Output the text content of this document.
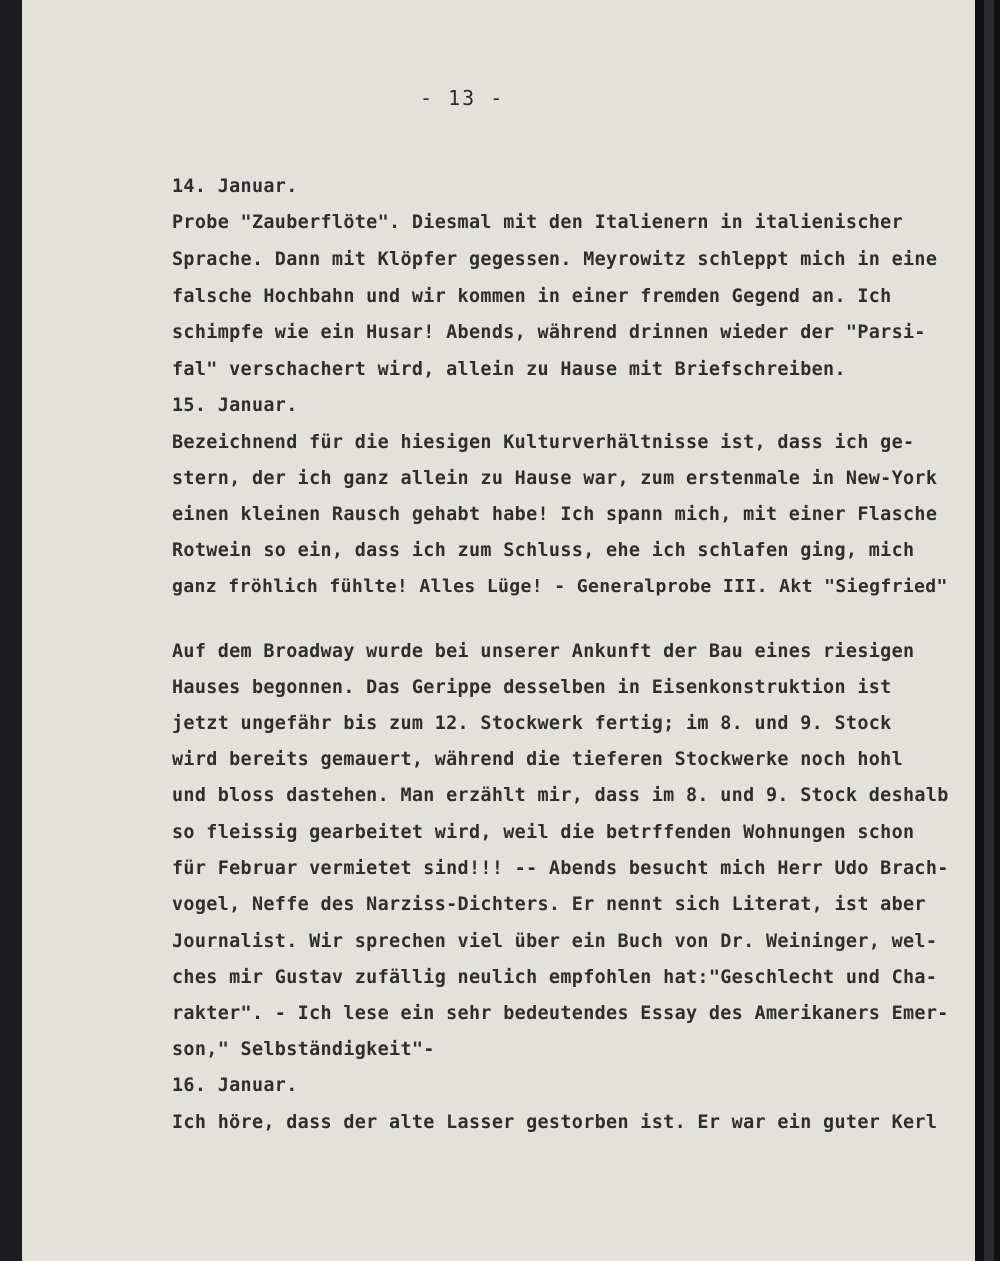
- 13 -
14. Januar.
Probe "Zauberflöte". Diesmal mit den Italienern in italienischer
Sprache. Dann mit Klöpfer gegessen. Meyrowitz schleppt mich in eine
falsche Hochbahn und wir kommen in einer fremden Gegend an. Ich
schimpfe wie ein Husar! Abends, während drinnen wieder der "Parsi-
fal" verschachert wird, allein zu Hause mit Briefschreiben.
15. Januar.
Bezeichnend für die hiesigen Kulturverhältnisse ist, dass ich ge-
stern, der ich ganz allein zu Hause war, zum erstenmale in New-York
einen kleinen Rausch gehabt habe! Ich spann mich, mit einer Flasche
Rotwein so ein, dass ich zum Schluss, ehe ich schlafen ging, mich
ganz fröhlich fühlte! Alles Lüge! - Generalprobe III. Akt "Siegfried"
Auf dem Broadway wurde bei unserer Ankunft der Bau eines riesigen
Hauses begonnen. Das Gerippe desselben in Eisenkonstruktion ist
jetzt ungefähr bis zum 12. Stockwerk fertig; im 8. und 9. Stock
wird bereits gemauert, während die tieferen Stockwerke noch hohl
und bloss dastehen. Man erzählt mir, dass im 8. und 9. Stock deshalb
so fleissig gearbeitet wird, weil die betrffenden Wohnungen schon
für Februar vermietet sind!!! -- Abends besucht mich Herr Udo Brach-
vogel, Neffe des Narziss-Dichters. Er nennt sich Literat, ist aber
Journalist. Wir sprechen viel über ein Buch von Dr. Weininger, wel-
ches mir Gustav zufällig neulich empfohlen hat:"Geschlecht und Cha-
rakter". - Ich lese ein sehr bedeutendes Essay des Amerikaners Emer-
son," Selbständigkeit"-
16. Januar.
Ich höre, dass der alte Lasser gestorben ist. Er war ein guter Kerl
